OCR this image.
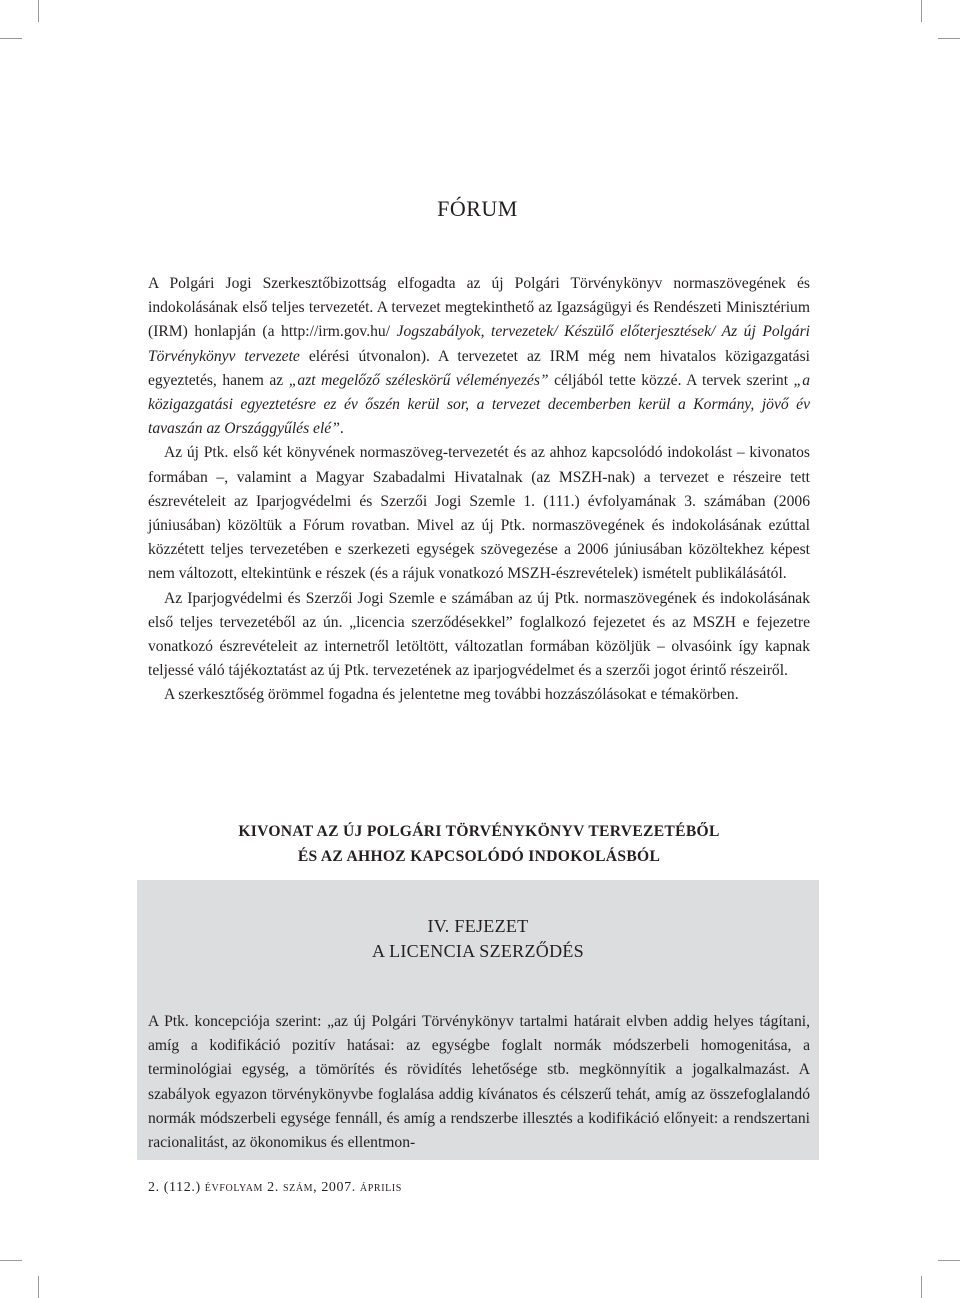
FÓRUM

A Polgári Jogi Szerkesztőbizottság elfogadta az új Polgári Törvénykönyv normaszövegének és indokolásának első teljes tervezetét. A tervezet megtekinthető az Igazságügyi és Rendészeti Minisztérium (IRM) honlapján (a http://irm.gov.hu/ Jogszabályok, tervezetek/ Készülő előterjesztések/ Az új Polgári Törvénykönyv tervezete elérési útvonalon). A tervezetet az IRM még nem hivatalos közigazgatási egyeztetés, hanem az „azt megelőző széleskörű véleményezés” céljából tette közzé. A tervek szerint „a közigazgatási egyeztetésre ez év őszén kerül sor, a tervezet decemberben kerül a Kormány, jövő év tavaszán az Országgyűlés elé”.

Az új Ptk. első két könyvének normaszöveg-tervezetét és az ahhoz kapcsolódó indokolást – kivonatos formában –, valamint a Magyar Szabadalmi Hivatalnak (az MSZH-nak) a tervezet e részeire tett észrevételeit az Iparjogvédelmi és Szerzői Jogi Szemle 1. (111.) évfolyamának 3. számában (2006 júniusában) közöltük a Fórum rovatban. Mivel az új Ptk. normaszövegének és indokolásának ezúttal közzétett teljes tervezetében e szerkezeti egységek szövegezése a 2006 júniusában közöltekhez képest nem változott, eltekintünk e részek (és a rájuk vonatkozó MSZH-észrevételek) ismételt publikálásától.

Az Iparjogvédelmi és Szerzői Jogi Szemle e számában az új Ptk. normaszövegének és indokolásának első teljes tervezetéből az ún. „licencia szerződésekkel” foglalkozó fejezetet és az MSZH e fejezetre vonatkozó észrevételeit az internetről letöltött, változatlan formában közöljük – olvasóink így kapnak teljessé váló tájékoztatást az új Ptk. tervezetének az iparjogvédelmet és a szerzői jogot érintő részeiről.

A szerkesztőség örömmel fogadna és jelentetne meg további hozzászólásokat e témakörben.

KIVONAT AZ ÚJ POLGÁRI TÖRVÉNYKÖNYV TERVEZETÉBŐL
ÉS AZ AHHOZ KAPCSOLÓDÓ INDOKOLÁSBÓL
IV. FEJEZET
A LICENCIA SZERZŐDÉS

A Ptk. koncepciója szerint: „az új Polgári Törvénykönyv tartalmi határait elvben addig helyes tágítani, amíg a kodifikáció pozitív hatásai: az egységbe foglalt normák módszerbeli homogenitása, a terminológiai egység, a tömörítés és rövidítés lehetősége stb. megkönnyítik a jogalkalmazást. A szabályok egyazon törvénykönyvbe foglalása addig kívánatos és célszerű tehát, amíg az összefoglalandó normák módszerbeli egysége fennáll, és amíg a rendszerbe illesztés a kodifikáció előnyeit: a rendszertani racionalitást, az ökonomikus és ellentmon-

2. (112.) évfolyam 2. szám, 2007. április
